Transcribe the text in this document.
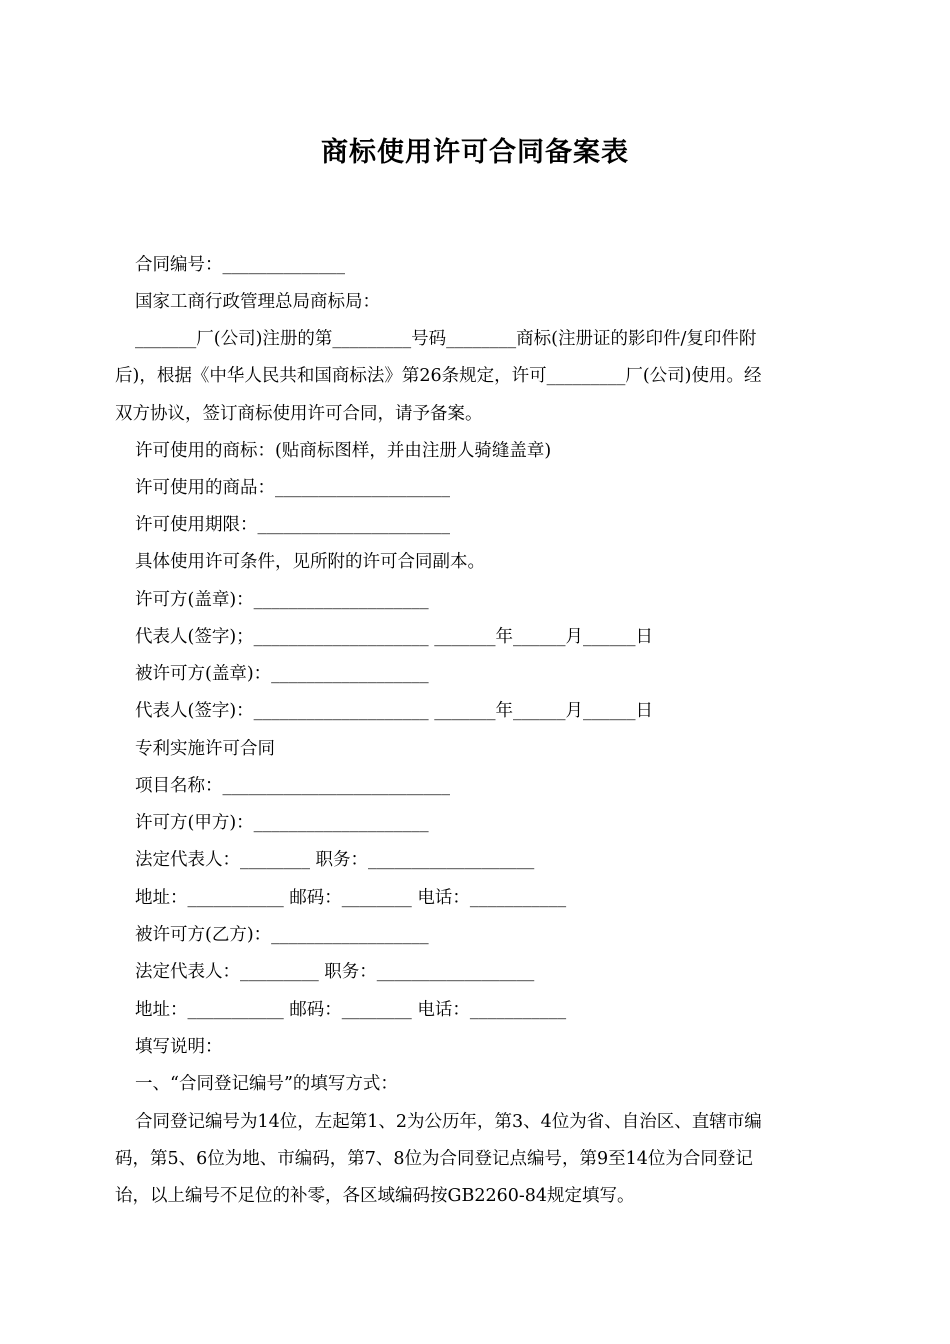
商标使用许可合同备案表
合同编号：______________
国家工商行政管理总局商标局：
_______厂(公司)注册的第_________号码________商标(注册证的影印件/复印件附
后)，根据《中华人民共和国商标法》第26条规定，许可_________厂(公司)使用。经
双方协议，签订商标使用许可合同，请予备案。
许可使用的商标：(贴商标图样，并由注册人骑缝盖章)
许可使用的商品：____________________
许可使用期限：______________________
具体使用许可条件，见所附的许可合同副本。
许可方(盖章)：____________________
代表人(签字)；____________________ _______年______月______日
被许可方(盖章)：__________________
代表人(签字)：____________________ _______年______月______日
专利实施许可合同
项目名称：__________________________
许可方(甲方)：____________________
法定代表人：________ 职务：___________________
地址：___________ 邮码：________ 电话：___________
被许可方(乙方)：__________________
法定代表人：_________ 职务：__________________
地址：___________ 邮码：________ 电话：___________
填写说明：
一、“合同登记编号”的填写方式：
合同登记编号为14位，左起第1、2为公历年，第3、4位为省、自治区、直辖市编
码，第5、6位为地、市编码，第7、8位为合同登记点编号，第9至14位为合同登记
诒，以上编号不足位的补零，各区域编码按GB2260-84规定填写。
